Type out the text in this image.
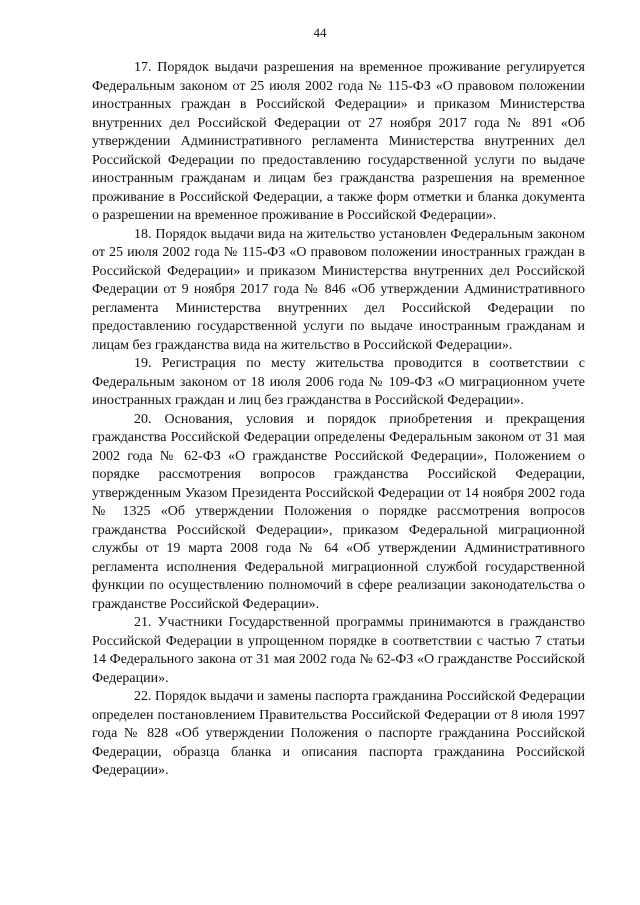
44

17. Порядок выдачи разрешения на временное проживание регулируется Федеральным законом от 25 июля 2002 года № 115-ФЗ «О правовом положении иностранных граждан в Российской Федерации» и приказом Министерства внутренних дел Российской Федерации от 27 ноября 2017 года № 891 «Об утверждении Административного регламента Министерства внутренних дел Российской Федерации по предоставлению государственной услуги по выдаче иностранным гражданам и лицам без гражданства разрешения на временное проживание в Российской Федерации, а также форм отметки и бланка документа о разрешении на временное проживание в Российской Федерации».

18. Порядок выдачи вида на жительство установлен Федеральным законом от 25 июля 2002 года № 115-ФЗ «О правовом положении иностранных граждан в Российской Федерации» и приказом Министерства внутренних дел Российской Федерации от 9 ноября 2017 года № 846 «Об утверждении Административного регламента Министерства внутренних дел Российской Федерации по предоставлению государственной услуги по выдаче иностранным гражданам и лицам без гражданства вида на жительство в Российской Федерации».

19. Регистрация по месту жительства проводится в соответствии с Федеральным законом от 18 июля 2006 года № 109-ФЗ «О миграционном учете иностранных граждан и лиц без гражданства в Российской Федерации».

20. Основания, условия и порядок приобретения и прекращения гражданства Российской Федерации определены Федеральным законом от 31 мая 2002 года № 62-ФЗ «О гражданстве Российской Федерации», Положением о порядке рассмотрения вопросов гражданства Российской Федерации, утвержденным Указом Президента Российской Федерации от 14 ноября 2002 года № 1325 «Об утверждении Положения о порядке рассмотрения вопросов гражданства Российской Федерации», приказом Федеральной миграционной службы от 19 марта 2008 года № 64 «Об утверждении Административного регламента исполнения Федеральной миграционной службой государственной функции по осуществлению полномочий в сфере реализации законодательства о гражданстве Российской Федерации».

21. Участники Государственной программы принимаются в гражданство Российской Федерации в упрощенном порядке в соответствии с частью 7 статьи 14 Федерального закона от 31 мая 2002 года № 62-ФЗ «О гражданстве Российской Федерации».

22. Порядок выдачи и замены паспорта гражданина Российской Федерации определен постановлением Правительства Российской Федерации от 8 июля 1997 года № 828 «Об утверждении Положения о паспорте гражданина Российской Федерации, образца бланка и описания паспорта гражданина Российской Федерации».
